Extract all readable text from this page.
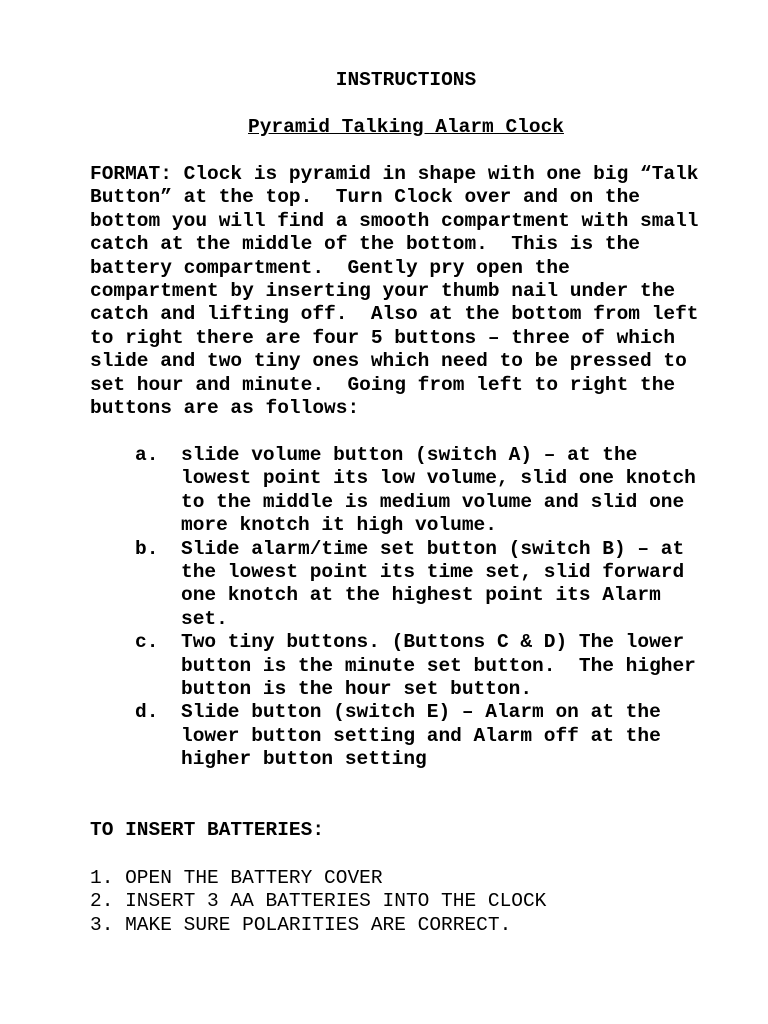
INSTRUCTIONS
Pyramid Talking Alarm Clock
FORMAT: Clock is pyramid in shape with one big “Talk
Button” at the top.  Turn Clock over and on the
bottom you will find a smooth compartment with small
catch at the middle of the bottom.  This is the
battery compartment.  Gently pry open the
compartment by inserting your thumb nail under the
catch and lifting off.  Also at the bottom from left
to right there are four 5 buttons – three of which
slide and two tiny ones which need to be pressed to
set hour and minute.  Going from left to right the
buttons are as follows:
a.	slide volume button (switch A) – at the
lowest point its low volume, slid one knotch
to the middle is medium volume and slid one
more knotch it high volume.
b.	Slide alarm/time set button (switch B) – at
the lowest point its time set, slid forward
one knotch at the highest point its Alarm
set.
c.	Two tiny buttons. (Buttons C & D) The lower
button is the minute set button.  The higher
button is the hour set button.
d.	Slide button (switch E) – Alarm on at the
lower button setting and Alarm off at the
higher button setting
TO INSERT BATTERIES:
1. OPEN THE BATTERY COVER
2. INSERT 3 AA BATTERIES INTO THE CLOCK
3. MAKE SURE POLARITIES ARE CORRECT.
